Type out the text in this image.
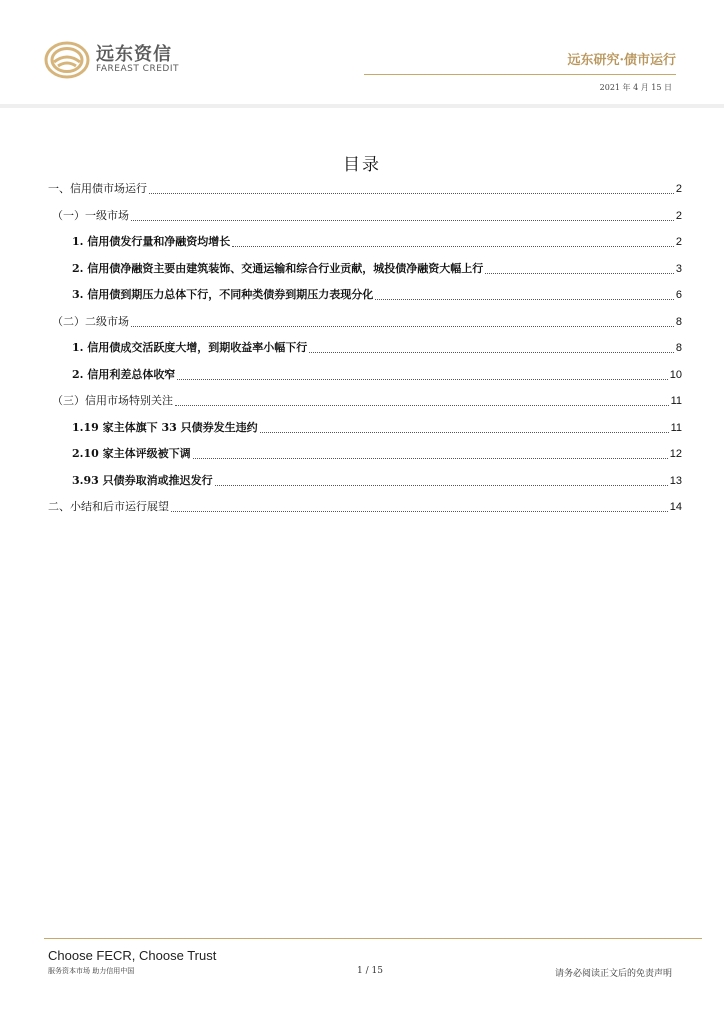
远东资信
FAREAST CREDIT
远东研究·债市运行
2021 年 4 月 15 日
目录
一、信用债市场运行	2
（一）一级市场	2
1. 信用债发行量和净融资均增长	2
2. 信用债净融资主要由建筑装饰、交通运输和综合行业贡献，城投债净融资大幅上行	3
3. 信用债到期压力总体下行，不同种类债券到期压力表现分化	6
（二）二级市场	8
1. 信用债成交活跃度大增，到期收益率小幅下行	8
2. 信用利差总体收窄	10
（三）信用市场特别关注	11
1.19 家主体旗下 33 只债券发生违约	11
2.10 家主体评级被下调	12
3.93 只债券取消或推迟发行	13
二、小结和后市运行展望	14
Choose FECR, Choose Trust
服务资本市场 助力信用中国	1 / 15	请务必阅读正文后的免责声明
